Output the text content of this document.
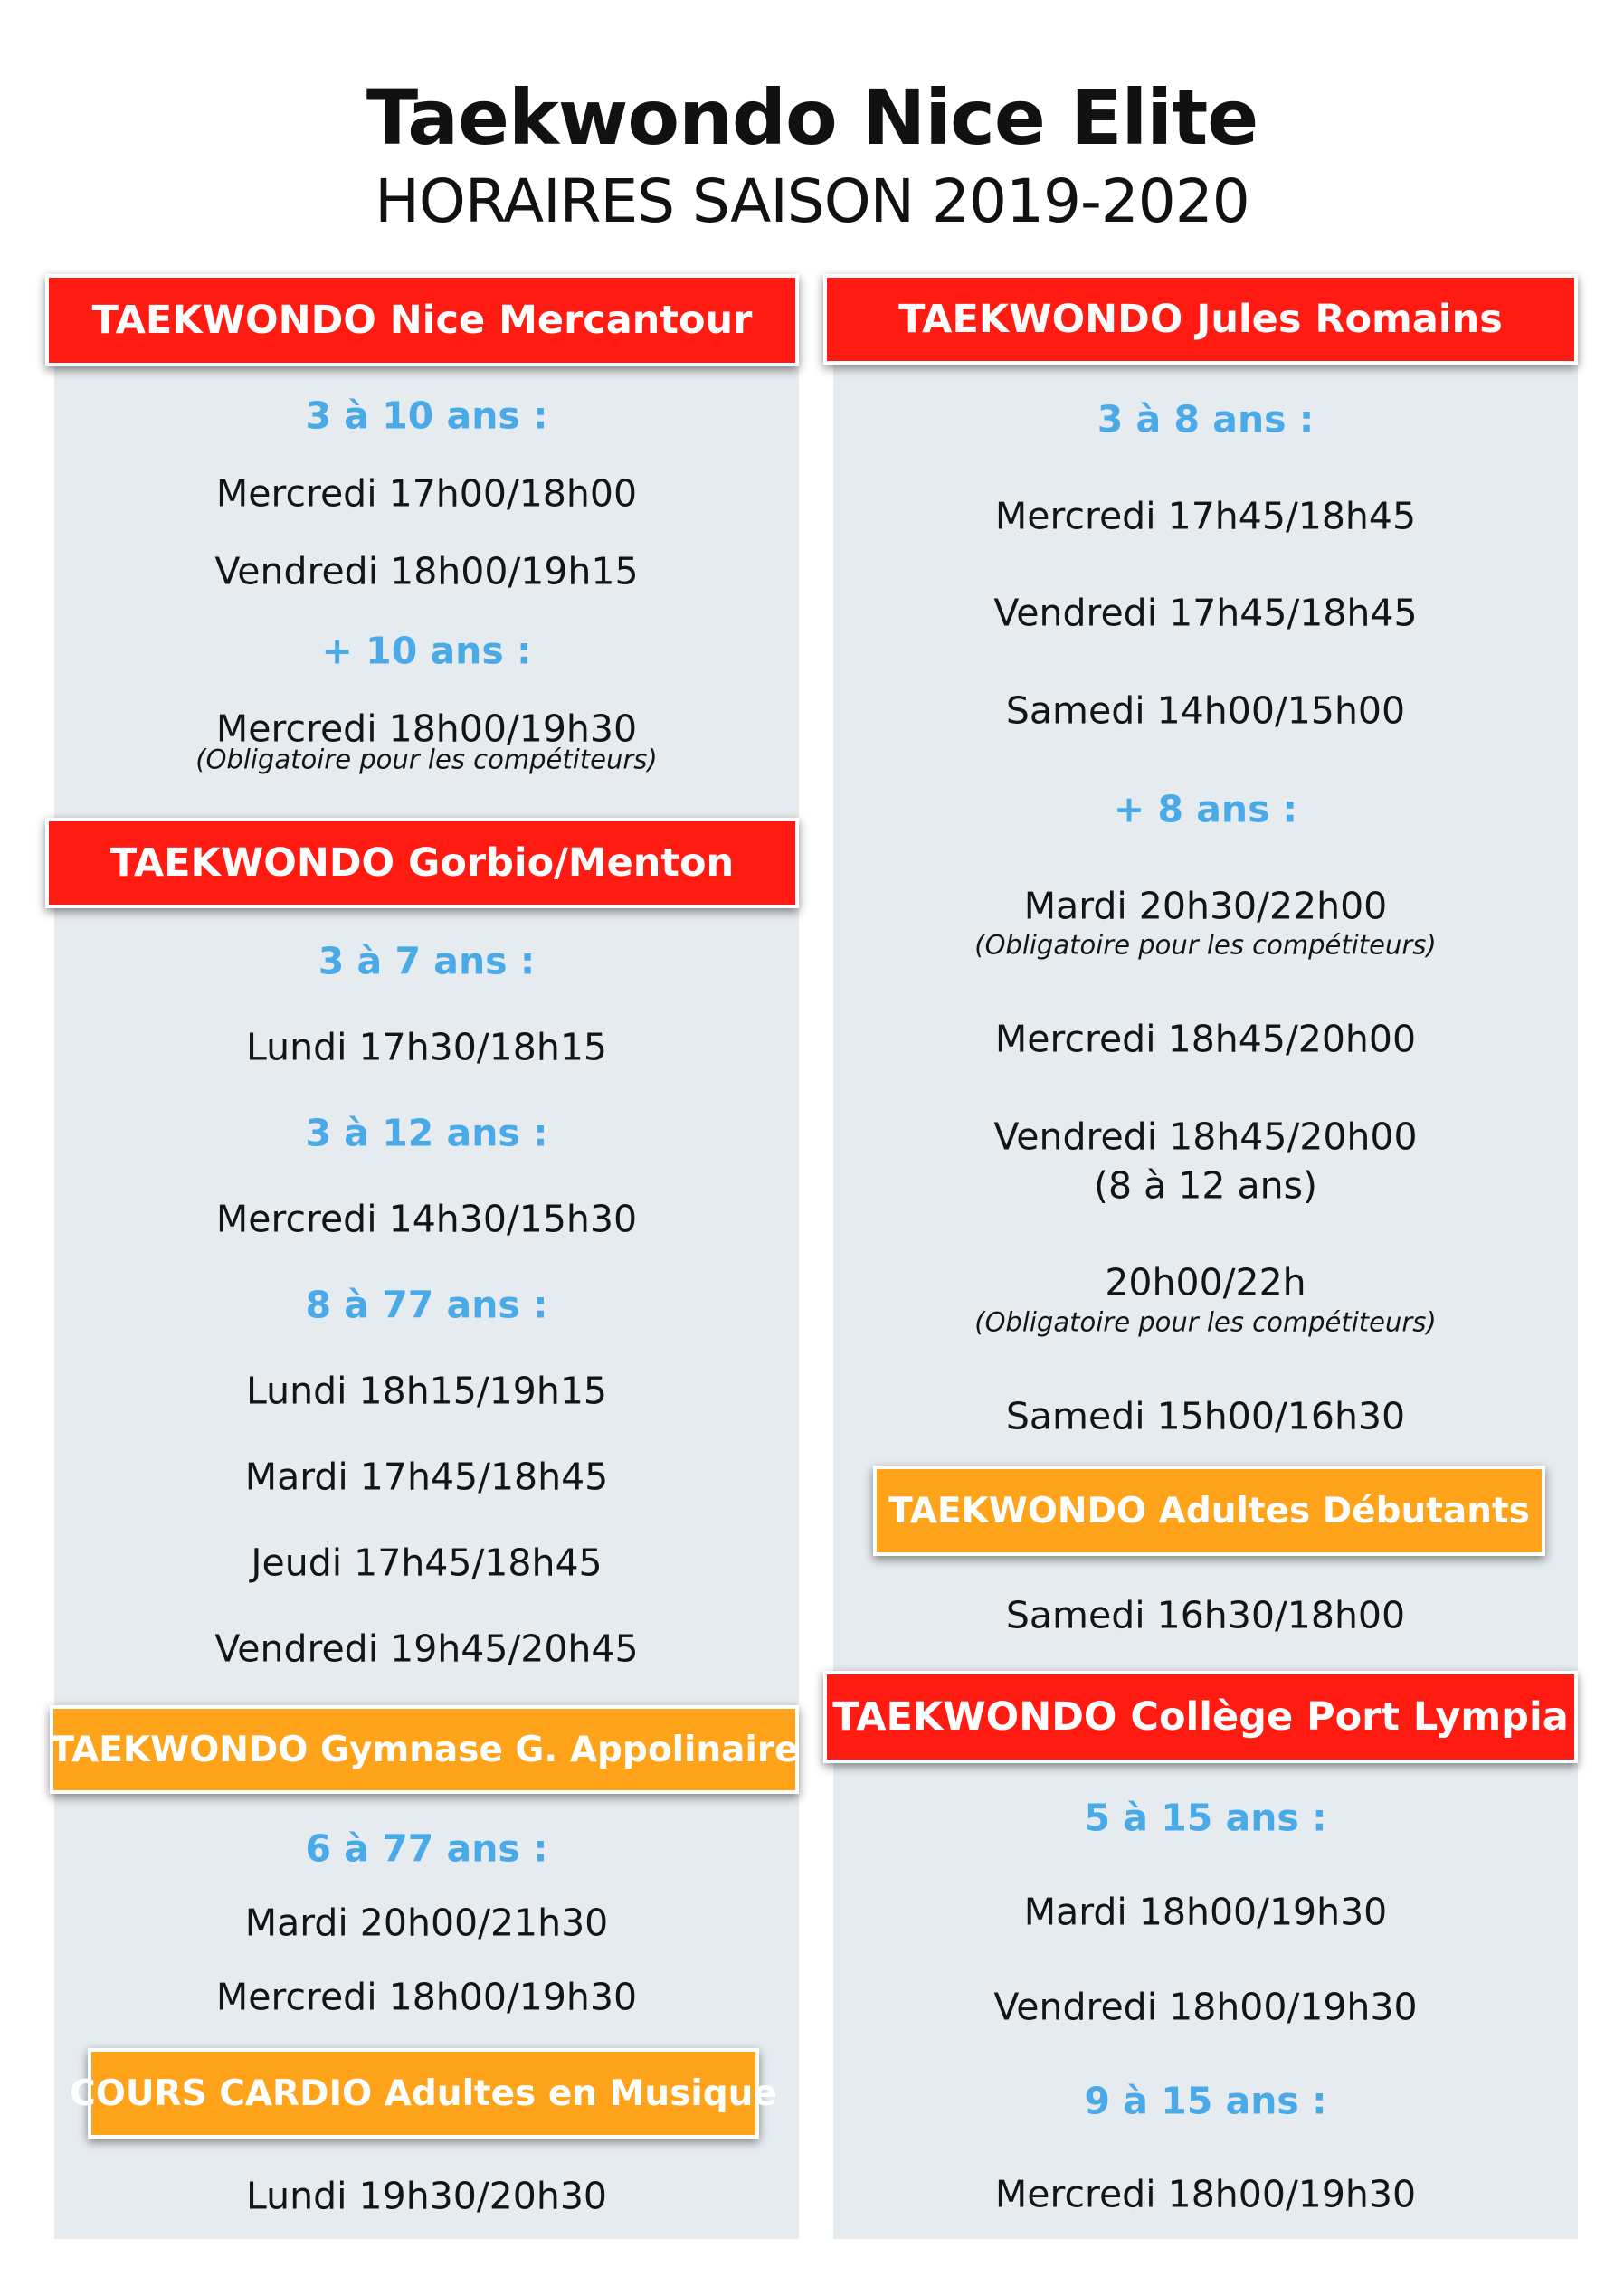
Taekwondo Nice Elite
HORAIRES SAISON 2019-2020
TAEKWONDO Nice Mercantour
3 à 10 ans :
Mercredi 17h00/18h00
Vendredi 18h00/19h15
+ 10 ans :
Mercredi 18h00/19h30
(Obligatoire pour les compétiteurs)
TAEKWONDO Gorbio/Menton
3 à 7 ans :
Lundi 17h30/18h15
3 à 12 ans :
Mercredi 14h30/15h30
8 à 77 ans :
Lundi 18h15/19h15
Mardi 17h45/18h45
Jeudi 17h45/18h45
Vendredi 19h45/20h45
TAEKWONDO Gymnase G. Appolinaire
6 à 77 ans :
Mardi 20h00/21h30
Mercredi 18h00/19h30
COURS CARDIO Adultes en Musique
Lundi 19h30/20h30
TAEKWONDO Jules Romains
3 à 8 ans :
Mercredi 17h45/18h45
Vendredi 17h45/18h45
Samedi 14h00/15h00
+ 8 ans :
Mardi 20h30/22h00
(Obligatoire pour les compétiteurs)
Mercredi 18h45/20h00
Vendredi 18h45/20h00
(8 à 12 ans)
20h00/22h
(Obligatoire pour les compétiteurs)
Samedi 15h00/16h30
TAEKWONDO Adultes Débutants
Samedi 16h30/18h00
TAEKWONDO Collège Port Lympia
5 à 15 ans :
Mardi 18h00/19h30
Vendredi 18h00/19h30
9 à 15 ans :
Mercredi 18h00/19h30
